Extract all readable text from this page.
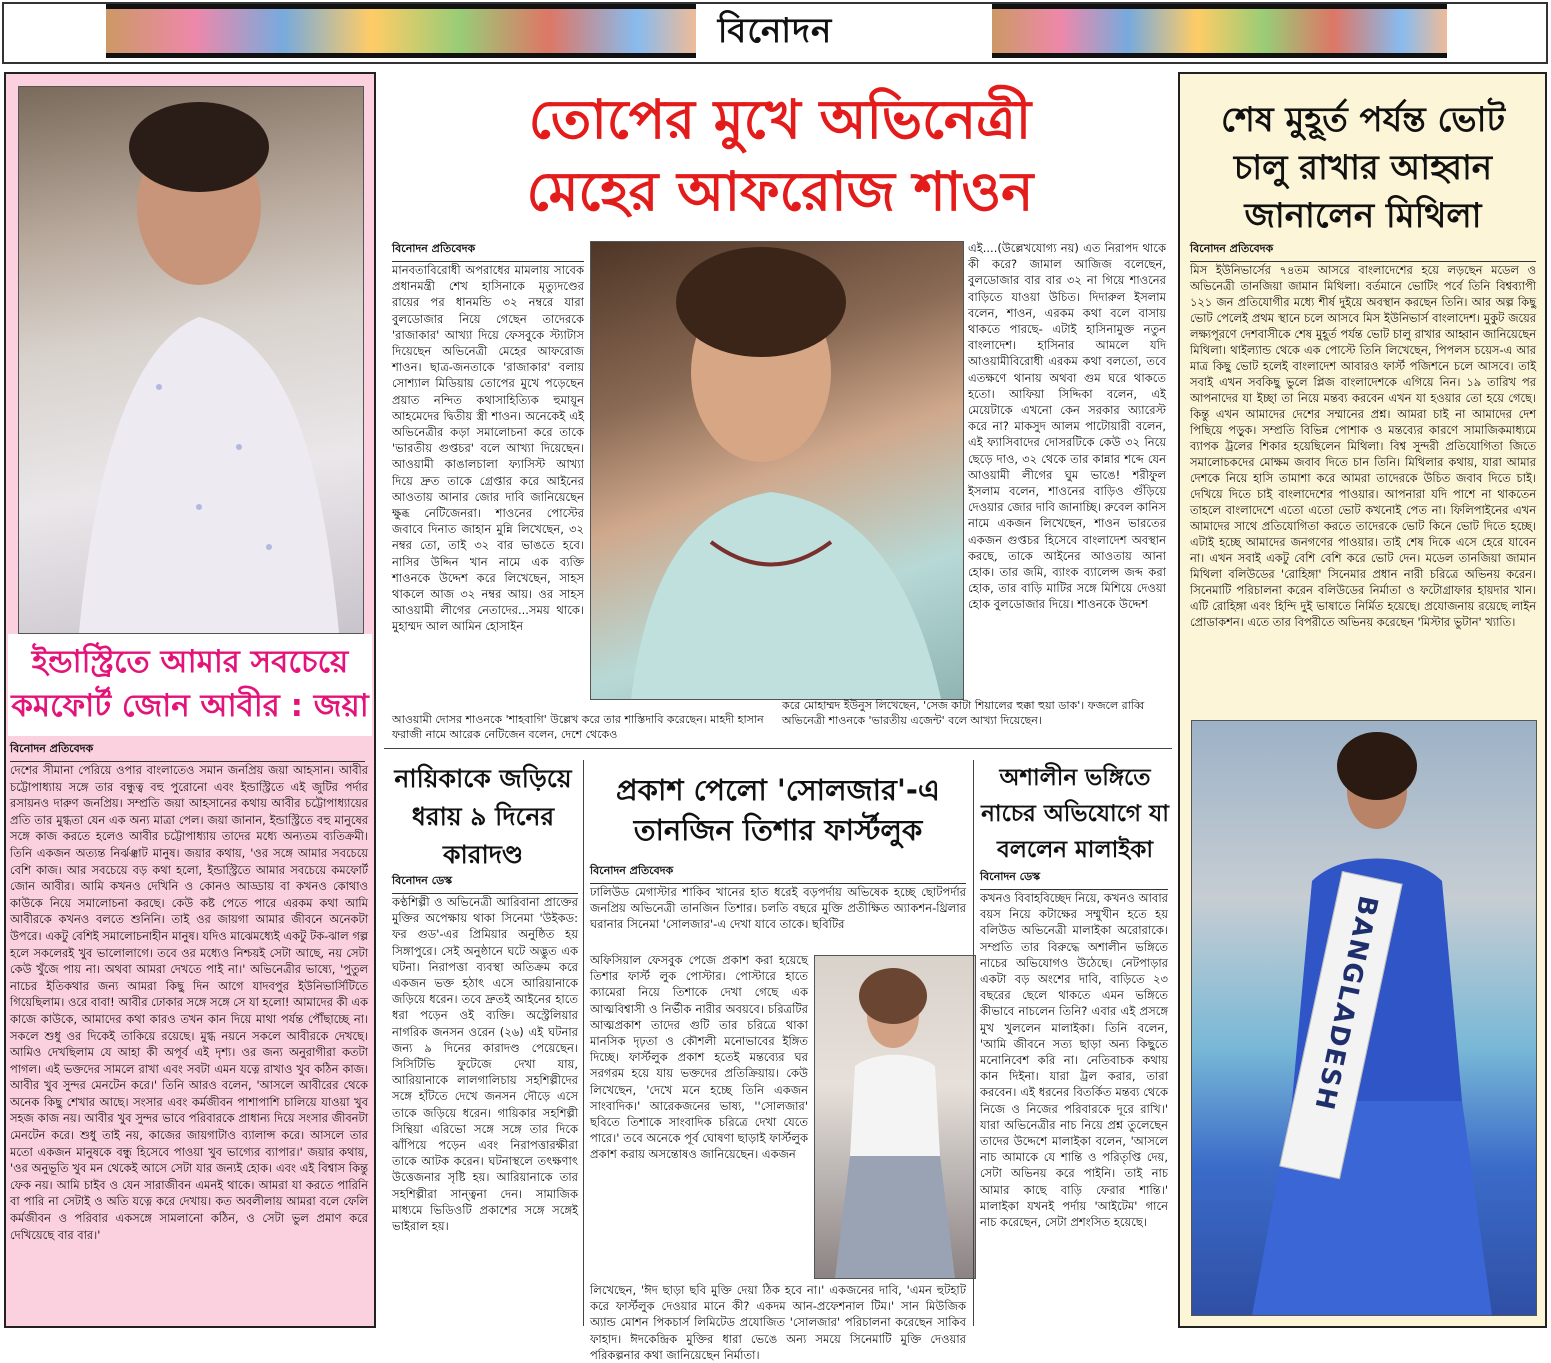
বিনোদন
ইন্ডাস্ট্রিতে আমার সবচেয়ে
কমফোর্ট জোন আবীর : জয়া
বিনোদন প্রতিবেদক
দেশের সীমানা পেরিয়ে ওপার বাংলাতেও সমান জনপ্রিয় জয়া আহসান। আবীর চট্টোপাধ্যায় সঙ্গে তার বন্ধুত্ব বহু পুরোনো এবং ইন্ডাস্ট্রিতে এই জুটির পর্দার রসায়নও দারুণ জনপ্রিয়। সম্প্রতি জয়া আহসানের কথায় আবীর চট্টোপাধ্যায়ের প্রতি তার মুগ্ধতা যেন এক অন্য মাত্রা পেল। জয়া জানান, ইন্ডাস্ট্রিতে বহু মানুষের সঙ্গে কাজ করতে হলেও আবীর চট্টোপাধ্যায় তাদের মধ্যে অন্যতম ব্যতিক্রমী। তিনি একজন অত্যন্ত নির্ঝঞ্ঝাট মানুষ। জয়ার কথায়, 'ওর সঙ্গে আমার সবচেয়ে বেশি কাজ। আর সবচেয়ে বড় কথা হলো, ইন্ডাস্ট্রিতে আমার সবচেয়ে কমফোর্ট জোন আবীর। আমি কখনও দেখিনি ও কোনও আড্ডায় বা কখনও কোথাও কাউকে নিয়ে সমালোচনা করছে। কেউ কষ্ট পেতে পারে এরকম কথা আমি আবীরকে কখনও বলতে শুনিনি। তাই ওর জায়গা আমার জীবনে অনেকটা উপরে। একটু বেশিই সমালোচনাহীন মানুষ। যদিও মাঝেমধ্যেই একটু টক-ঝাল গল্প হলে সকলেরই খুব ভালোলাগে। তবে ওর মধ্যেও নিশ্চয়ই সেটা আছে, নয় সেটা কেউ খুঁজে পায় না। অথবা আমরা দেখতে পাই না।' অভিনেত্রীর ভাষ্যে, 'পুতুল নাচের ইতিকথার জন্য আমরা কিছু দিন আগে যাদবপুর ইউনিভার্সিটিতে গিয়েছিলাম। ওরে বাবা! আবীর ঢোকার সঙ্গে সঙ্গে সে যা হলো! আমাদের কী এক কাজে কাউকে, আমাদের কথা কারও তখন কান দিয়ে মাথা পর্যন্ত পৌঁছাচ্ছে না। সকলে শুধু ওর দিকেই তাকিয়ে রয়েছে। মুগ্ধ নয়নে সকলে আবীরকে দেখছে। আমিও দেখছিলাম যে আহা কী অপূর্ব এই দৃশ্য। ওর জন্য অনুরাগীরা কতটা পাগল। এই ভক্তদের সামলে রাখা এবং সবটা এমন যত্নে রাখাও খুব কঠিন কাজ। আবীর খুব সুন্দর মেনটেন করে।' তিনি আরও বলেন, 'আসলে আবীরের থেকে অনেক কিছু শেখার আছে। সংসার এবং কর্মজীবন পাশাপাশি চালিয়ে যাওয়া খুব সহজ কাজ নয়। আবীর খুব সুন্দর ভাবে পরিবারকে প্রাধান্য দিয়ে সংসার জীবনটা মেনটেন করে। শুধু তাই নয়, কাজের জায়গাটাও ব্যালান্স করে। আসলে তার মতো একজন মানুষকে বন্ধু হিসেবে পাওয়া খুব ভাগ্যের ব্যাপার।' জয়ার কথায়, 'ওর অনুভূতি খুব মন থেকেই আসে সেটা যার জন্যই হোক। এবং এই বিশ্বাস কিন্তু ফেক নয়। আমি চাইব ও যেন সারাজীবন এমনই থাকে। আমরা যা করতে পারিনি বা পারি না সেটাই ও অতি যত্নে করে দেখায়। কত অবলীলায় আমরা বলে ফেলি কর্মজীবন ও পরিবার একসঙ্গে সামলানো কঠিন, ও সেটা ভুল প্রমাণ করে দেখিয়েছে বার বার।'
তোপের মুখে অভিনেত্রী
মেহের আফরোজ শাওন
বিনোদন প্রতিবেদক
মানবতাবিরোধী অপরাধের মামলায় সাবেক প্রধানমন্ত্রী শেখ হাসিনাকে মৃত্যুদণ্ডের রায়ের পর ধানমন্ডি ৩২ নম্বরে যারা বুলডোজার নিয়ে গেছেন তাদেরকে 'রাজাকার' আখ্যা দিয়ে ফেসবুকে স্ট্যাটাস দিয়েছেন অভিনেত্রী মেহের আফরোজ শাওন। ছাত্র-জনতাকে 'রাজাকার' বলায় সোশ্যাল মিডিয়ায় তোপের মুখে পড়েছেন প্রয়াত নন্দিত কথাসাহিত্যিক হুমায়ূন আহমেদের দ্বিতীয় স্ত্রী শাওন। অনেকেই এই অভিনেত্রীর কড়া সমালোচনা করে তাকে 'ভারতীয় গুপ্তচর' বলে আখ্যা দিয়েছেন। আওয়ামী কাঙালচালা ফ্যাসিস্ট আখ্যা দিয়ে দ্রুত তাকে গ্রেপ্তার করে আইনের আওতায় আনার জোর দাবি জানিয়েছেন ক্ষুব্ধ নেটিজেনরা। শাওনের পোস্টের জবাবে দিনাত জাহান মুন্নি লিখেছেন, ৩২ নম্বর তো, তাই ৩২ বার ভাঙতে হবে। নাসির উদ্দিন খান নামে এক ব্যক্তি শাওনকে উদ্দেশ করে লিখেছেন, সাহস থাকলে আজ ৩২ নম্বর আয়। ওর সাহস আওয়ামী লীগের নেতাদের...সময় থাকে। মুহাম্মদ আল আমিন হোসাইন
এই....(উল্লেখযোগ্য নয়) এত নিরাপদ থাকে কী করে? জামাল আজিজ বলেছেন, বুলডোজার বার বার ৩২ না গিয়ে শাওনের বাড়িতে যাওয়া উচিত। দিদারুল ইসলাম বলেন, শাওন, এরকম কথা বলে বাসায় থাকতে পারছে- এটাই হাসিনামুক্ত নতুন বাংলাদেশ। হাসিনার আমলে যদি আওয়ামীবিরোধী এরকম কথা বলতো, তবে এতক্ষণে থানায় অথবা গুম ঘরে থাকতে হতো। আফিয়া সিদ্দিকা বলেন, এই মেয়েটাকে এখনো কেন সরকার অ্যারেস্ট করে না? মাকসুদ আলম পাটোয়ারী বলেন, এই ফ্যাসিবাদের দোসরটিকে কেউ ৩২ নিয়ে ছেড়ে দাও, ৩২ থেকে তার কান্নার শব্দে যেন আওয়ামী লীগের ঘুম ভাঙে! শরীফুল ইসলাম বলেন, শাওনের বাড়িও গুঁড়িয়ে দেওয়ার জোর দাবি জানাচ্ছি। রুবেল কানিস নামে একজন লিখেছেন, শাওন ভারতের একজন গুপ্তচর হিসেবে বাংলাদেশ অবস্থান করছে, তাকে আইনের আওতায় আনা হোক। তার জমি, ব্যাংক ব্যালেন্স জব্দ করা হোক, তার বাড়ি মাটির সঙ্গে মিশিয়ে দেওয়া হোক বুলডোজার দিয়ে। শাওনকে উদ্দেশ
আওয়ামী দোসর শাওনকে 'শাহবাগি' উল্লেখ করে তার শাস্তিদাবি করেছেন। মাহদী হাসান ফরাজী নামে আরেক নেটিজেন বলেন, দেশে থেকেও
করে মোহাম্মদ ইউনুস লিখেছেন, 'সেজ কাটা শিয়ালের হুক্কা হুয়া ডাক'। ফজলে রাব্বি অভিনেত্রী শাওনকে 'ভারতীয় এজেন্ট' বলে আখ্যা দিয়েছেন।
নায়িকাকে জড়িয়ে
ধরায় ৯ দিনের
কারাদণ্ড
বিনোদন ডেস্ক
কণ্ঠশিল্পী ও অভিনেত্রী আরিবানা প্রাক্তের মুক্তির অপেক্ষায় থাকা সিনেমা 'উইকড: ফর গুড'-এর প্রিমিয়ার অনুষ্ঠিত হয় সিঙ্গাপুরে। সেই অনুষ্ঠানে ঘটে অদ্ভুত এক ঘটনা। নিরাপত্তা ব্যবস্থা অতিক্রম করে একজন ভক্ত হঠাৎ এসে আরিয়ানাকে জড়িয়ে ধরেন। তবে দ্রুতই আইনের হাতে ধরা পড়েন ওই ব্যক্তি। অস্ট্রেলিয়ার নাগরিক জনসন ওরেন (২৬) এই ঘটনার জন্য ৯ দিনের কারাদণ্ড পেয়েছেন। সিসিটিভি ফুটেজে দেখা যায়, আরিয়ানাকে লালগালিচায় সহশিল্পীদের সঙ্গে হাঁটতে দেখে জনসন দৌড়ে এসে তাকে জড়িয়ে ধরেন। গায়িকার সহশিল্পী সিন্থিয়া এরিভো সঙ্গে সঙ্গে তার দিকে ঝাঁপিয়ে পড়েন এবং নিরাপত্তারক্ষীরা তাকে আটক করেন। ঘটনাস্থলে তৎক্ষণাৎ উত্তেজনার সৃষ্টি হয়। আরিয়ানাকে তার সহশিল্পীরা সান্ত্বনা দেন। সামাজিক মাধ্যমে ভিডিওটি প্রকাশের সঙ্গে সঙ্গেই ভাইরাল হয়।
প্রকাশ পেলো 'সোলজার'-এ
তানজিন তিশার ফার্স্টলুক
বিনোদন প্রতিবেদক
ঢালিউড মেগাস্টার শাকিব খানের হাত ধরেই বড়পর্দায় অভিষেক হচ্ছে ছোটপর্দার জনপ্রিয় অভিনেত্রী তানজিন তিশার। চলতি বছরে মুক্তি প্রতীক্ষিত অ্যাকশন-থ্রিলার ঘরানার সিনেমা 'সোলজার'-এ দেখা যাবে তাকে। ছবিটির
অফিসিয়াল ফেসবুক পেজে প্রকাশ করা হয়েছে তিশার ফার্স্ট লুক পোস্টার। পোস্টারে হাতে ক্যামেরা নিয়ে তিশাকে দেখা গেছে এক আত্মবিশ্বাসী ও নির্ভীক নারীর অবয়বে। চরিত্রটির আত্মপ্রকাশ তাদের গুটি তার চরিত্রে থাকা মানসিক দৃঢ়তা ও কৌশলী মনোভাবের ইঙ্গিত দিচ্ছে। ফার্স্টলুক প্রকাশ হতেই মন্তব্যের ঘর সরগরম হয়ে যায় ভক্তদের প্রতিক্রিয়ায়। কেউ লিখেছেন, 'দেখে মনে হচ্ছে তিনি একজন সাংবাদিক।' আরেকজনের ভাষ্য, ''সোলজার' ছবিতে তিশাকে সাংবাদিক চরিত্রে দেখা যেতে পারে।' তবে অনেকে পূর্ব ঘোষণা ছাড়াই ফার্স্টলুক প্রকাশ করায় অসন্তোষও জানিয়েছেন। একজন
লিখেছেন, 'ঈদ ছাড়া ছবি মুক্তি দেয়া ঠিক হবে না।' একজনের দাবি, 'এমন হুটহাট করে ফার্স্টলুক দেওয়ার মানে কী? একদম আন-প্রফেশনাল টিম।' সান মিউজিক অ্যান্ড মোশন পিকচার্স লিমিটেড প্রযোজিত 'সোলজার' পরিচালনা করেছেন সাকিব ফাহাদ। ঈদকেন্দ্রিক মুক্তির ধারা ভেঙে অন্য সময়ে সিনেমাটি মুক্তি দেওয়ার পরিকল্পনার কথা জানিয়েছেন নির্মাতা।
অশালীন ভঙ্গিতে
নাচের অভিযোগে যা
বললেন মালাইকা
বিনোদন ডেস্ক
কখনও বিবাহবিচ্ছেদ নিয়ে, কখনও আবার বয়স নিয়ে কটাক্ষের সম্মুখীন হতে হয় বলিউড অভিনেত্রী মালাইকা অরোরাকে। সম্প্রতি তার বিরুদ্ধে অশালীন ভঙ্গিতে নাচের অভিযোগও উঠেছে। নেটপাড়ার একটা বড় অংশের দাবি, বাড়িতে ২৩ বছরের ছেলে থাকতে এমন ভঙ্গিতে কীভাবে নাচলেন তিনি? এবার এই প্রসঙ্গে মুখ খুললেন মালাইকা। তিনি বলেন, 'আমি জীবনে সত্য ছাড়া অন্য কিছুতে মনোনিবেশ করি না। নেতিবাচক কথায় কান দিইনা। যারা ট্রল করার, তারা করবেন। এই ধরনের বিতর্কিত মন্তব্য থেকে নিজে ও নিজের পরিবারকে দূরে রাখি।' যারা অভিনেত্রীর নাচ নিয়ে প্রশ্ন তুলেছেন তাদের উদ্দেশে মালাইকা বলেন, 'আসলে নাচ আমাকে যে শান্তি ও পরিতৃপ্তি দেয়, সেটা অভিনয় করে পাইনি। তাই নাচ আমার কাছে বাড়ি ফেরার শান্তি।' মালাইকা যখনই পর্দায় 'আইটেম' গানে নাচ করেছেন, সেটা প্রশংসিত হয়েছে।
শেষ মুহূর্ত পর্যন্ত ভোট
চালু রাখার আহ্বান
জানালেন মিথিলা
বিনোদন প্রতিবেদক
মিস ইউনিভার্সের ৭৪তম আসরে বাংলাদেশের হয়ে লড়ছেন মডেল ও অভিনেত্রী তানজিয়া জামান মিথিলা। বর্তমানে ভোটিং পর্বে তিনি বিশ্বব্যাপী ১২১ জন প্রতিযোগীর মধ্যে শীর্ষ দুইয়ে অবস্থান করছেন তিনি। আর অল্প কিছু ভোট পেলেই প্রথম স্থানে চলে আসবে মিস ইউনিভার্স বাংলাদেশ। মুকুট জয়ের লক্ষ্যপূরণে দেশবাসীকে শেষ মুহূর্ত পর্যন্ত ভোট চালু রাখার আহ্বান জানিয়েছেন মিথিলা। থাইল্যান্ড থেকে এক পোস্টে তিনি লিখেছেন, পিপলস চয়েস-এ আর মাত্র কিছু ভোট হলেই বাংলাদেশ আবারও ফার্স্ট পজিশনে চলে আসবে। তাই সবাই এখন সবকিছু ভুলে প্লিজ বাংলাদেশকে এগিয়ে নিন। ১৯ তারিখ পর আপনাদের যা ইচ্ছা তা নিয়ে মন্তব্য করবেন এখন যা হওয়ার তো হয়ে গেছে। কিন্তু এখন আমাদের দেশের সম্মানের প্রশ্ন। আমরা চাই না আমাদের দেশ পিছিয়ে পড়ুক। সম্প্রতি বিভিন্ন পোশাক ও মন্তব্যের কারণে সামাজিকমাধ্যমে ব্যাপক ট্রলের শিকার হয়েছিলেন মিথিলা। বিশ্ব সুন্দরী প্রতিযোগিতা জিতে সমালোচকদের মোক্ষম জবাব দিতে চান তিনি। মিথিলার কথায়, যারা আমার দেশকে নিয়ে হাসি তামাশা করে আমরা তাদেরকে উচিত জবাব দিতে চাই। দেখিয়ে দিতে চাই বাংলাদেশের পাওয়ার। আপনারা যদি পাশে না থাকতেন তাহলে বাংলাদেশে এতো এতো ভোট কখনোই পেত না। ফিলিপাইনের এখন আমাদের সাথে প্রতিযোগিতা করতে তাদেরকে ভোট কিনে ভোট দিতে হচ্ছে। এটাই হচ্ছে আমাদের জনগণের পাওয়ার। তাই শেষ দিকে এসে হেরে যাবেন না। এখন সবাই একটু বেশি বেশি করে ভোট দেন। মডেল তানজিয়া জামান মিথিলা বলিউডের 'রোহিঙ্গা' সিনেমার প্রধান নারী চরিত্রে অভিনয় করেন। সিনেমাটি পরিচালনা করেন বলিউডের নির্মাতা ও ফটোগ্রাফার হায়দার খান। এটি রোহিঙ্গা এবং হিন্দি দুই ভাষাতে নির্মিত হয়েছে। প্রযোজনায় রয়েছে লাইন প্রোডাকশন। এতে তার বিপরীতে অভিনয় করেছেন 'মিস্টার ভুটান' খ্যাতি।
BANGLADESH
